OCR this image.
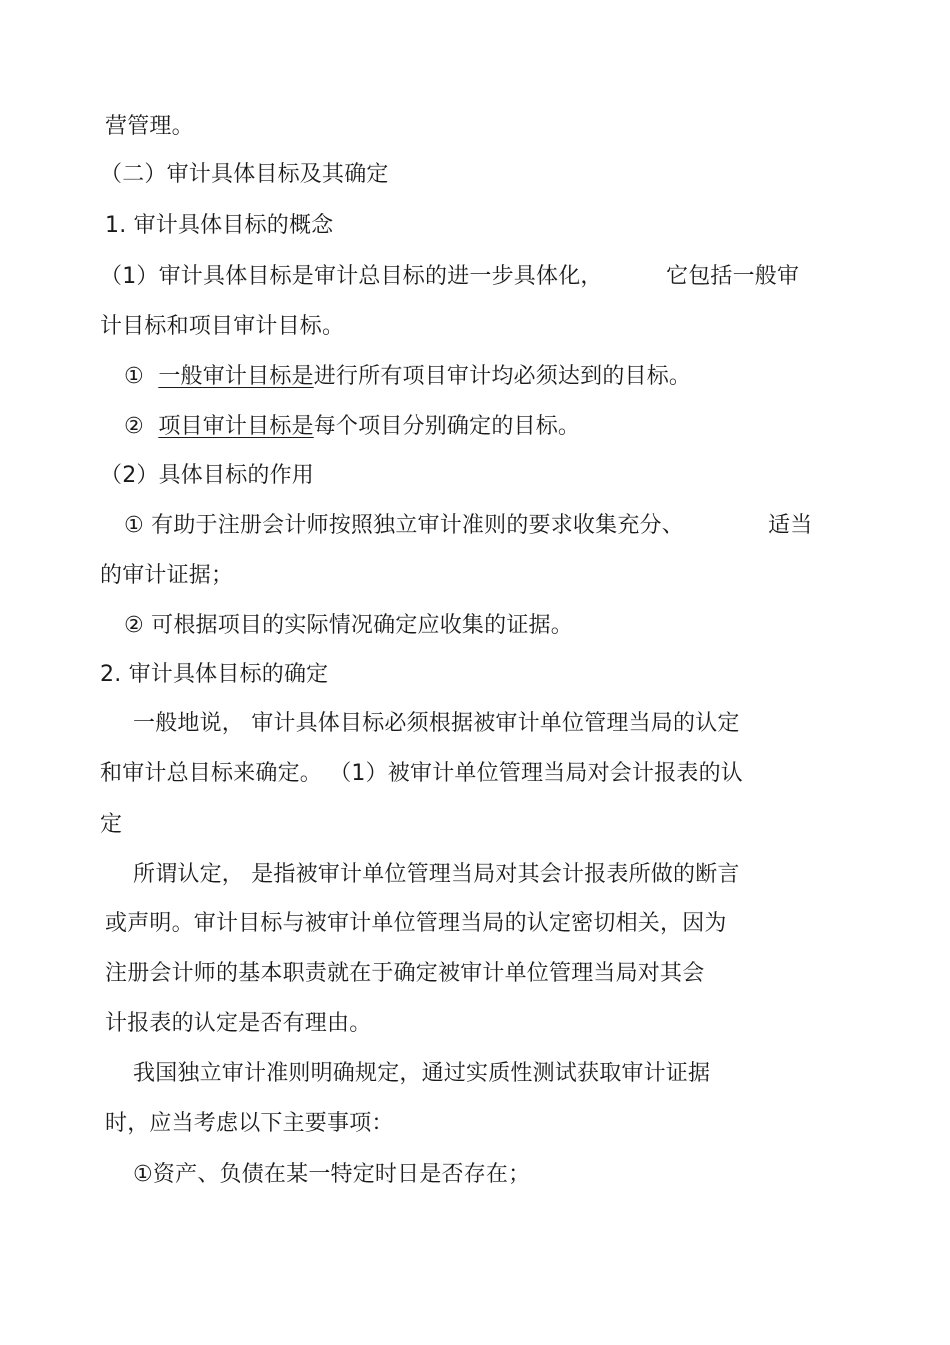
营管理。
（二）审计具体目标及其确定
1. 审计具体目标的概念
（1）审计具体目标是审计总目标的进一步具体化，	它包括一般审
计目标和项目审计目标。
① 一般审计目标是进行所有项目审计均必须达到的目标。
② 项目审计目标是每个项目分别确定的目标。
（2）具体目标的作用
① 有助于注册会计师按照独立审计准则的要求收集充分、	适当
的审计证据；
② 可根据项目的实际情况确定应收集的证据。
2. 审计具体目标的确定
一般地说， 审计具体目标必须根据被审计单位管理当局的认定
和审计总目标来确定。 （1）被审计单位管理当局对会计报表的认
定
所谓认定， 是指被审计单位管理当局对其会计报表所做的断言
或声明。审计目标与被审计单位管理当局的认定密切相关，因为
注册会计师的基本职责就在于确定被审计单位管理当局对其会
计报表的认定是否有理由。
我国独立审计准则明确规定，通过实质性测试获取审计证据
时，应当考虑以下主要事项：
①资产、负债在某一特定时日是否存在；
